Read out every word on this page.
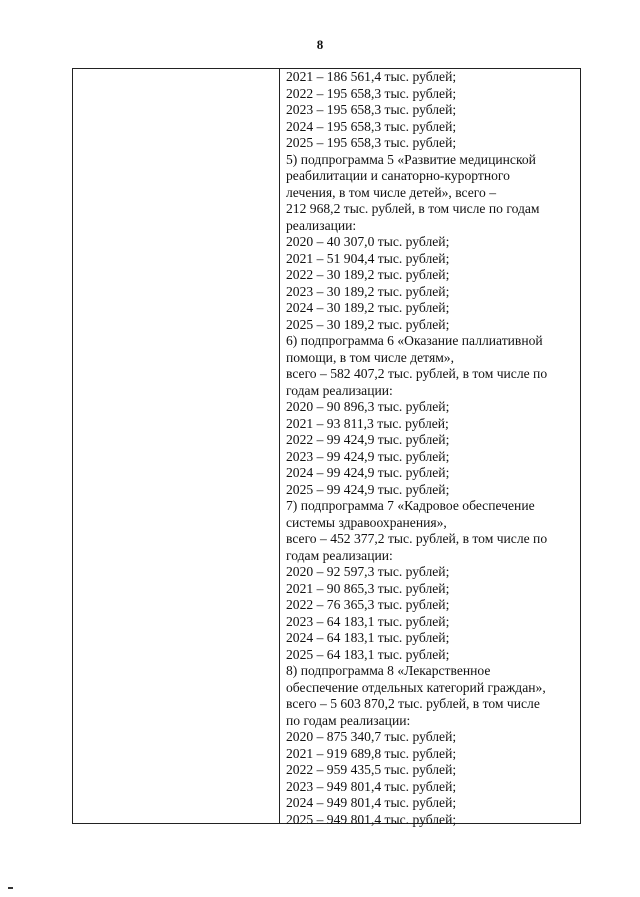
8
2021 – 186 561,4 тыс. рублей;
2022 – 195 658,3 тыс. рублей;
2023 – 195 658,3 тыс. рублей;
2024 – 195 658,3 тыс. рублей;
2025 – 195 658,3 тыс. рублей;
5) подпрограмма 5 «Развитие медицинской
реабилитации и санаторно-курортного
лечения, в том числе детей», всего –
212 968,2 тыс. рублей, в том числе по годам
реализации:
2020 – 40 307,0 тыс. рублей;
2021 – 51 904,4 тыс. рублей;
2022 – 30 189,2 тыс. рублей;
2023 – 30 189,2 тыс. рублей;
2024 – 30 189,2 тыс. рублей;
2025 – 30 189,2 тыс. рублей;
6) подпрограмма 6 «Оказание паллиативной
помощи, в том числе детям»,
всего – 582 407,2 тыс. рублей, в том числе по
годам реализации:
2020 – 90 896,3 тыс. рублей;
2021 – 93 811,3 тыс. рублей;
2022 – 99 424,9 тыс. рублей;
2023 – 99 424,9 тыс. рублей;
2024 – 99 424,9 тыс. рублей;
2025 – 99 424,9 тыс. рублей;
7) подпрограмма 7 «Кадровое обеспечение
системы здравоохранения»,
всего – 452 377,2 тыс. рублей, в том числе по
годам реализации:
2020 – 92 597,3 тыс. рублей;
2021 – 90 865,3 тыс. рублей;
2022 – 76 365,3 тыс. рублей;
2023 – 64 183,1 тыс. рублей;
2024 – 64 183,1 тыс. рублей;
2025 – 64 183,1 тыс. рублей;
8) подпрограмма 8 «Лекарственное
обеспечение отдельных категорий граждан»,
всего – 5 603 870,2 тыс. рублей, в том числе
по годам реализации:
2020 – 875 340,7 тыс. рублей;
2021 – 919 689,8 тыс. рублей;
2022 – 959 435,5 тыс. рублей;
2023 – 949 801,4 тыс. рублей;
2024 – 949 801,4 тыс. рублей;
2025 – 949 801,4 тыс. рублей;
